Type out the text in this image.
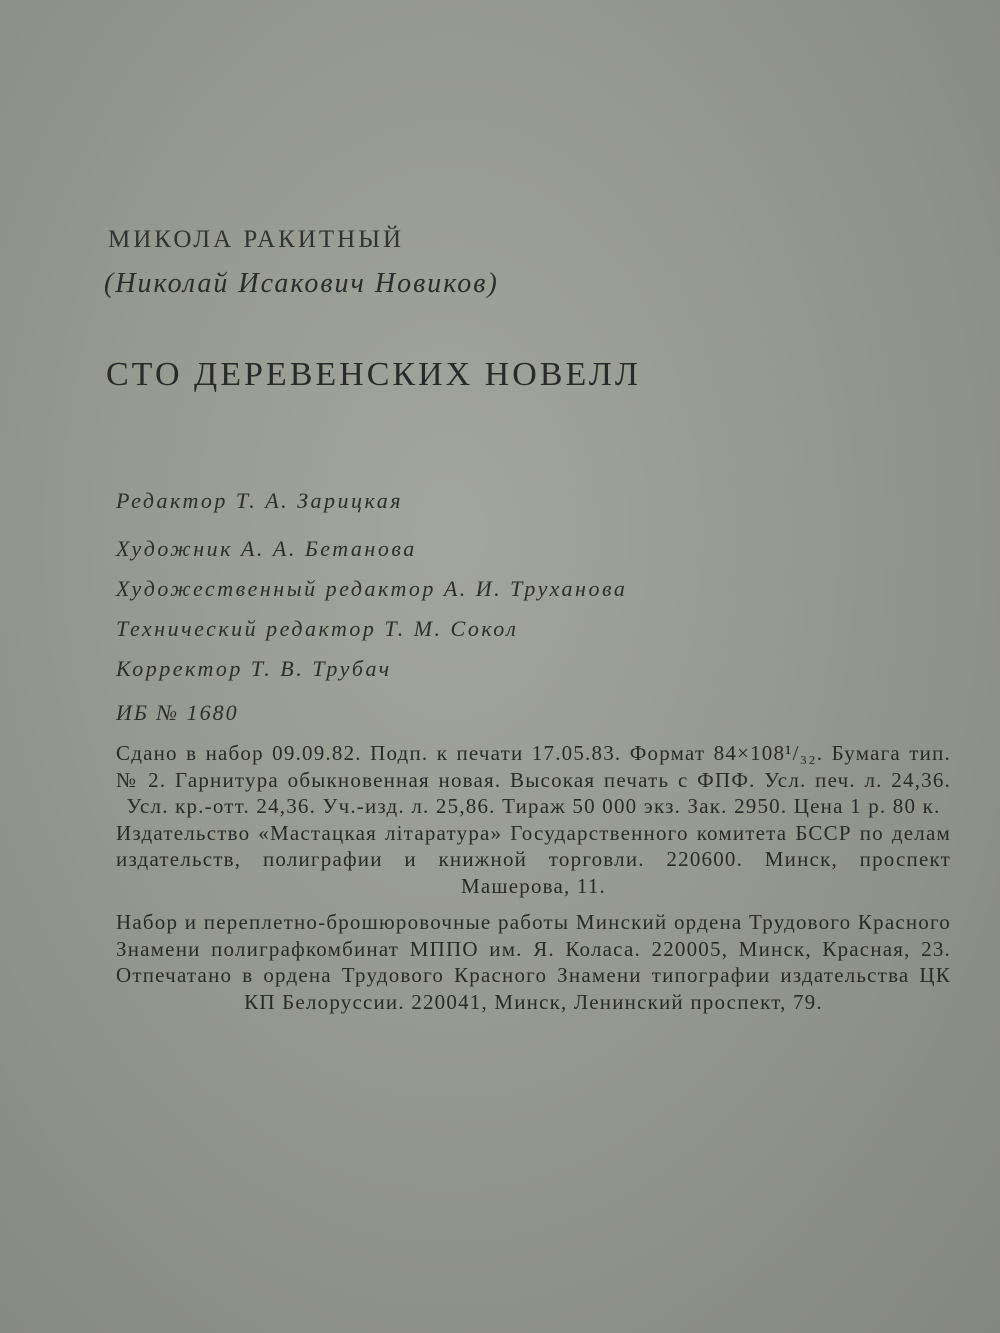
МИКОЛА РАКИТНЫЙ

(Николай Исакович Новиков)

СТО ДЕРЕВЕНСКИХ НОВЕЛЛ

Редактор Т. А. Зарицкая

Художник А. А. Бетанова

Художественный редактор А. И. Труханова

Технический редактор Т. М. Сокол

Корректор Т. В. Трубач

ИБ № 1680

Сдано в набор 09.09.82. Подп. к печати 17.05.83. Формат 84×108¹/₃₂. Бумага тип. № 2. Гарнитура обыкновенная новая. Высокая печать с ФПФ. Усл. печ. л. 24,36. Усл. кр.-отт. 24,36. Уч.-изд. л. 25,86. Тираж 50 000 экз. Зак. 2950. Цена 1 р. 80 к.

Издательство «Мастацкая лiтаратура» Государственного комитета БССР по делам издательств, полиграфии и книжной торговли. 220600. Минск, проспект Машерова, 11.

Набор и переплетно-брошюровочные работы Минский ордена Трудового Красного Знамени полиграфкомбинат МППО им. Я. Коласа. 220005, Минск, Красная, 23. Отпечатано в ордена Трудового Красного Знамени типографии издательства ЦК КП Белоруссии. 220041, Минск, Ленинский проспект, 79.
